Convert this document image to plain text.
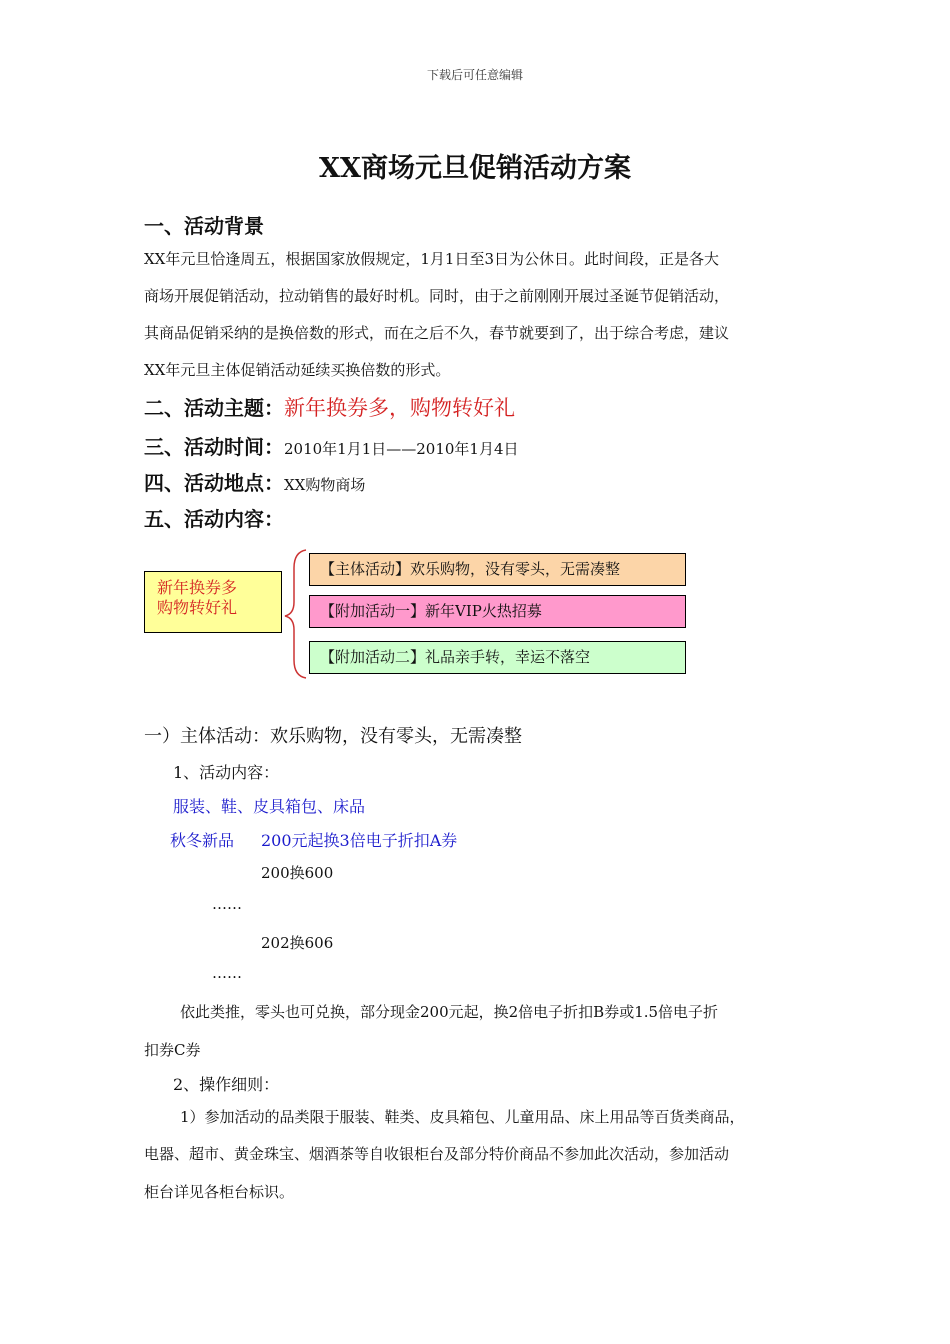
下载后可任意编辑
XX商场元旦促销活动方案
一、活动背景
XX年元旦恰逢周五，根据国家放假规定，1月1日至3日为公休日。此时间段，正是各大
商场开展促销活动，拉动销售的最好时机。同时，由于之前刚刚开展过圣诞节促销活动，
其商品促销采纳的是换倍数的形式，而在之后不久，春节就要到了，出于综合考虑，建议
XX年元旦主体促销活动延续买换倍数的形式。
二、活动主题：新年换券多，购物转好礼
三、活动时间：2010年1月1日——2010年1月4日
四、活动地点：XX购物商场
五、活动内容：
新年换券多
购物转好礼
【主体活动】欢乐购物，没有零头，无需凑整
【附加活动一】新年VIP火热招募
【附加活动二】礼品亲手转，幸运不落空
一）主体活动：欢乐购物，没有零头，无需凑整
1、活动内容：
服装、鞋、皮具箱包、床品
秋冬新品 200元起换3倍电子折扣A券
200换600
……
202换606
……
依此类推，零头也可兑换，部分现金200元起，换2倍电子折扣B券或1.5倍电子折
扣券C券
2、操作细则：
1）参加活动的品类限于服装、鞋类、皮具箱包、儿童用品、床上用品等百货类商品，
电器、超市、黄金珠宝、烟酒茶等自收银柜台及部分特价商品不参加此次活动，参加活动
柜台详见各柜台标识。
